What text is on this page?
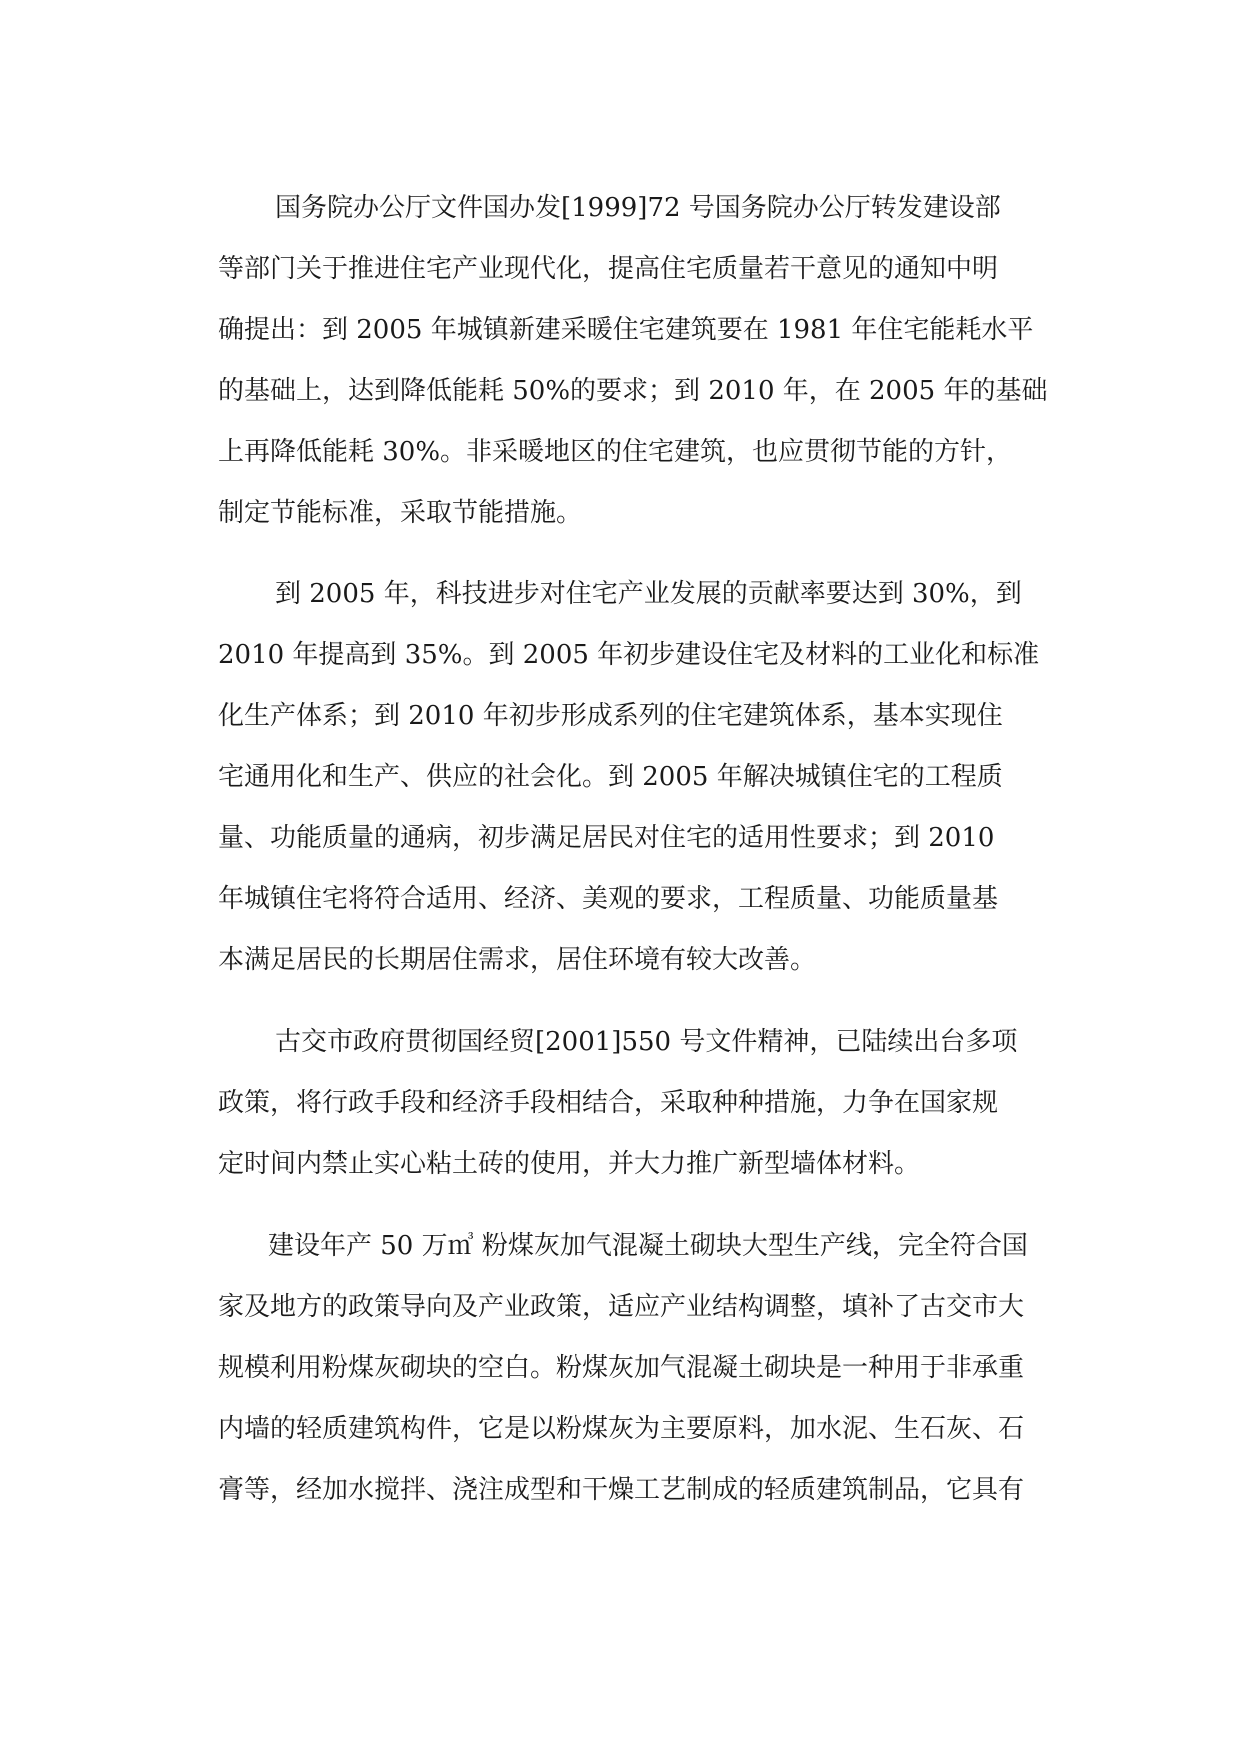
国务院办公厅文件国办发[1999]72 号国务院办公厅转发建设部
等部门关于推进住宅产业现代化，提高住宅质量若干意见的通知中明
确提出：到 2005 年城镇新建采暖住宅建筑要在 1981 年住宅能耗水平
的基础上，达到降低能耗 50%的要求；到 2010 年，在 2005 年的基础
上再降低能耗 30%。非采暖地区的住宅建筑，也应贯彻节能的方针，
制定节能标准，采取节能措施。
到 2005 年，科技进步对住宅产业发展的贡献率要达到 30%，到
2010 年提高到 35%。到 2005 年初步建设住宅及材料的工业化和标准
化生产体系；到 2010 年初步形成系列的住宅建筑体系，基本实现住
宅通用化和生产、供应的社会化。到 2005 年解决城镇住宅的工程质
量、功能质量的通病，初步满足居民对住宅的适用性要求；到 2010
年城镇住宅将符合适用、经济、美观的要求，工程质量、功能质量基
本满足居民的长期居住需求，居住环境有较大改善。
古交市政府贯彻国经贸[2001]550 号文件精神，已陆续出台多项
政策，将行政手段和经济手段相结合，采取种种措施，力争在国家规
定时间内禁止实心粘土砖的使用，并大力推广新型墙体材料。
建设年产 50 万㎥ 粉煤灰加气混凝土砌块大型生产线，完全符合国
家及地方的政策导向及产业政策，适应产业结构调整，填补了古交市大
规模利用粉煤灰砌块的空白。粉煤灰加气混凝土砌块是一种用于非承重
内墙的轻质建筑构件，它是以粉煤灰为主要原料，加水泥、生石灰、石
膏等，经加水搅拌、浇注成型和干燥工艺制成的轻质建筑制品，它具有
